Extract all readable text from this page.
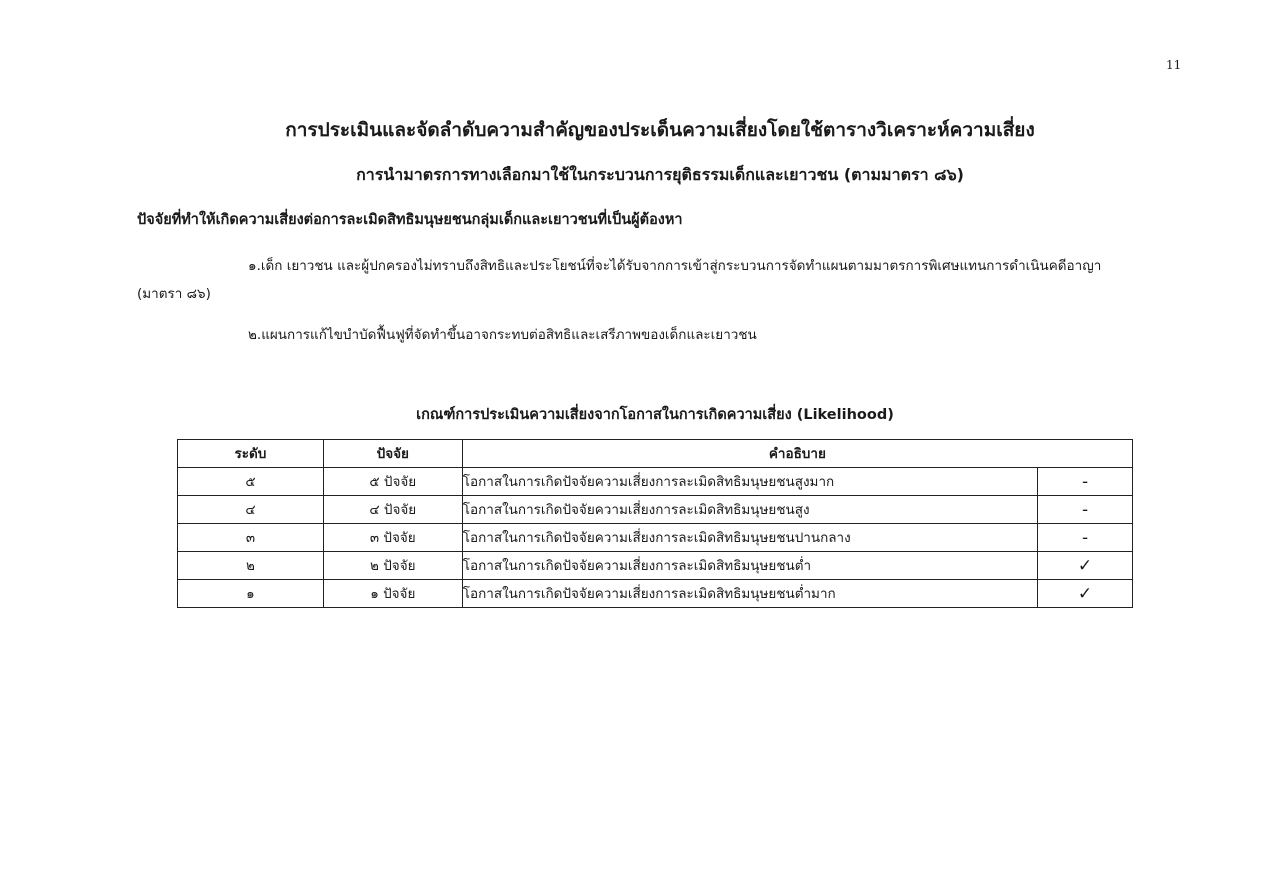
11
การประเมินและจัดลำดับความสำคัญของประเด็นความเสี่ยงโดยใช้ตารางวิเคราะห์ความเสี่ยง
การนำมาตรการทางเลือกมาใช้ในกระบวนการยุติธรรมเด็กและเยาวชน (ตามมาตรา ๘๖)
ปัจจัยที่ทำให้เกิดความเสี่ยงต่อการละเมิดสิทธิมนุษยชนกลุ่มเด็กและเยาวชนที่เป็นผู้ต้องหา
๑.เด็ก เยาวชน และผู้ปกครองไม่ทราบถึงสิทธิและประโยชน์ที่จะได้รับจากการเข้าสู่กระบวนการจัดทำแผนตามมาตรการพิเศษแทนการดำเนินคดีอาญา
(มาตรา ๘๖)
๒.แผนการแก้ไขบำบัดฟื้นฟูที่จัดทำขึ้นอาจกระทบต่อสิทธิและเสรีภาพของเด็กและเยาวชน
เกณฑ์การประเมินความเสี่ยงจากโอกาสในการเกิดความเสี่ยง (Likelihood)
ระดับ	ปัจจัย	คำอธิบาย	
๕	๕ ปัจจัย	โอกาสในการเกิดปัจจัยความเสี่ยงการละเมิดสิทธิมนุษยชนสูงมาก	-
๔	๔ ปัจจัย	โอกาสในการเกิดปัจจัยความเสี่ยงการละเมิดสิทธิมนุษยชนสูง	-
๓	๓ ปัจจัย	โอกาสในการเกิดปัจจัยความเสี่ยงการละเมิดสิทธิมนุษยชนปานกลาง	-
๒	๒ ปัจจัย	โอกาสในการเกิดปัจจัยความเสี่ยงการละเมิดสิทธิมนุษยชนต่ำ	✓
๑	๑ ปัจจัย	โอกาสในการเกิดปัจจัยความเสี่ยงการละเมิดสิทธิมนุษยชนต่ำมาก	✓
